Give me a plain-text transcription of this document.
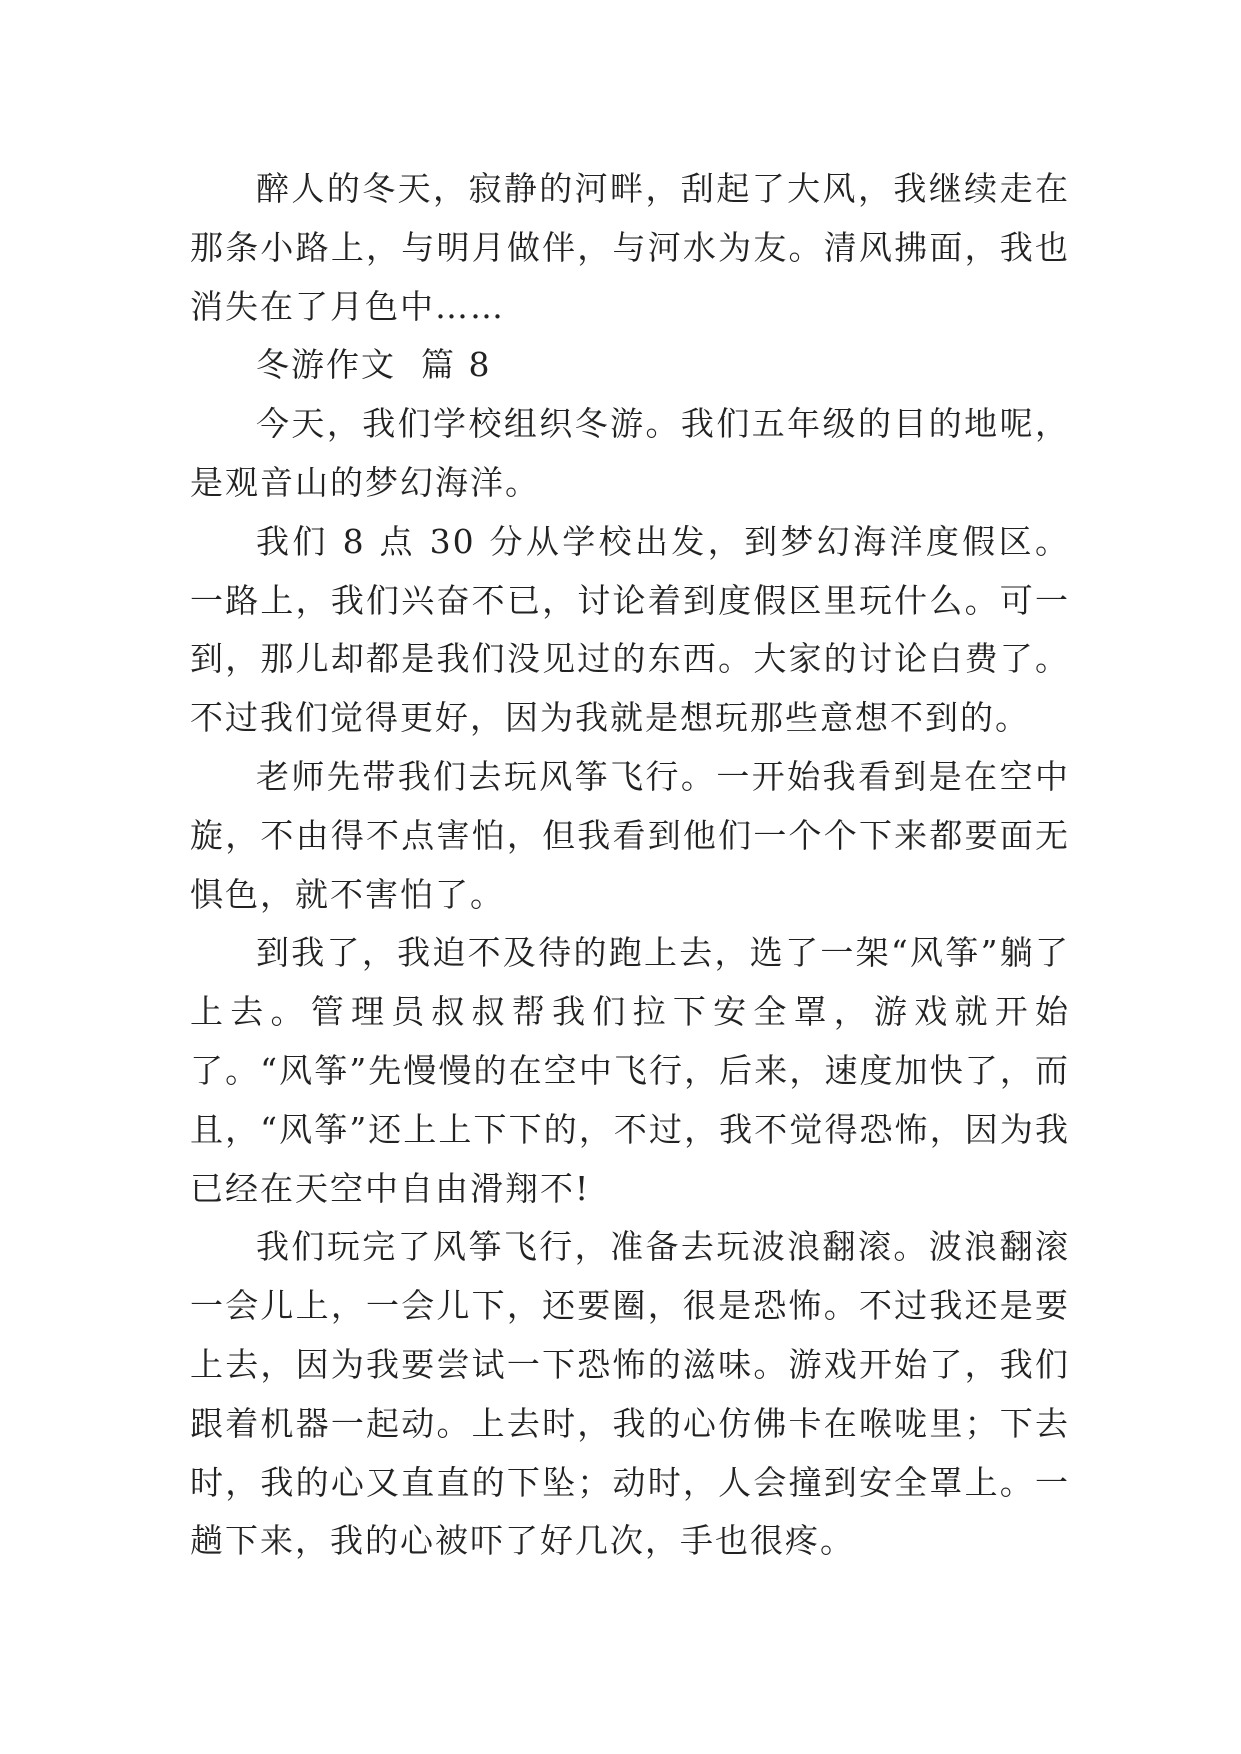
醉人的冬天，寂静的河畔，刮起了大风，我继续走在那条小路上，与明月做伴，与河水为友。清风拂面，我也消失在了月色中……

冬游作文  篇 8

今天，我们学校组织冬游。我们五年级的目的地呢，是观音山的梦幻海洋。

我们 8 点 30 分从学校出发，到梦幻海洋度假区。一路上，我们兴奋不已，讨论着到度假区里玩什么。可一到，那儿却都是我们没见过的东西。大家的讨论白费了。不过我们觉得更好，因为我就是想玩那些意想不到的。

老师先带我们去玩风筝飞行。一开始我看到是在空中旋，不由得不点害怕，但我看到他们一个个下来都要面无惧色，就不害怕了。

到我了，我迫不及待的跑上去，选了一架“风筝”躺了上去。管理员叔叔帮我们拉下安全罩，游戏就开始了。“风筝”先慢慢的在空中飞行，后来，速度加快了，而且，“风筝”还上上下下的，不过，我不觉得恐怖，因为我已经在天空中自由滑翔不!

我们玩完了风筝飞行，准备去玩波浪翻滚。波浪翻滚一会儿上，一会儿下，还要圈，很是恐怖。不过我还是要上去，因为我要尝试一下恐怖的滋味。游戏开始了，我们跟着机器一起动。上去时，我的心仿佛卡在喉咙里；下去时，我的心又直直的下坠；动时，人会撞到安全罩上。一趟下来，我的心被吓了好几次，手也很疼。
